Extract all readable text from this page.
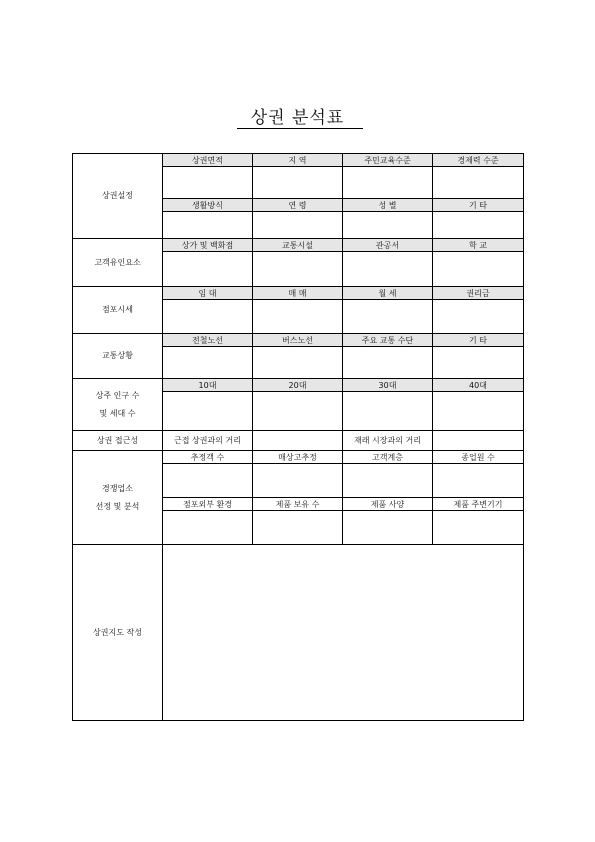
상권 분석표
상권설정	상권면적	지 역	주민교육수준	경제력 수준

	생활방식	연 령	성 별	기 타

고객유인요소	상가 및 백화점	교통시설	관공서	학 교

점포시세	임 대	매 매	월 세	권리금

교통상황	전철노선	버스노선	주요 교통 수단	기 타

상주 인구 수
및 세대 수	10대	20대	30대	40대

상권 접근성	근접 상권과의 거리		재래 시장과의 거리	

경쟁업소
선정 및 분석	추정객 수	매상고추정	고객계층	종업원 수

	점포외부 환경	제품 보유 수	제품 사양	제품 주변기기

상권지도 작성				
